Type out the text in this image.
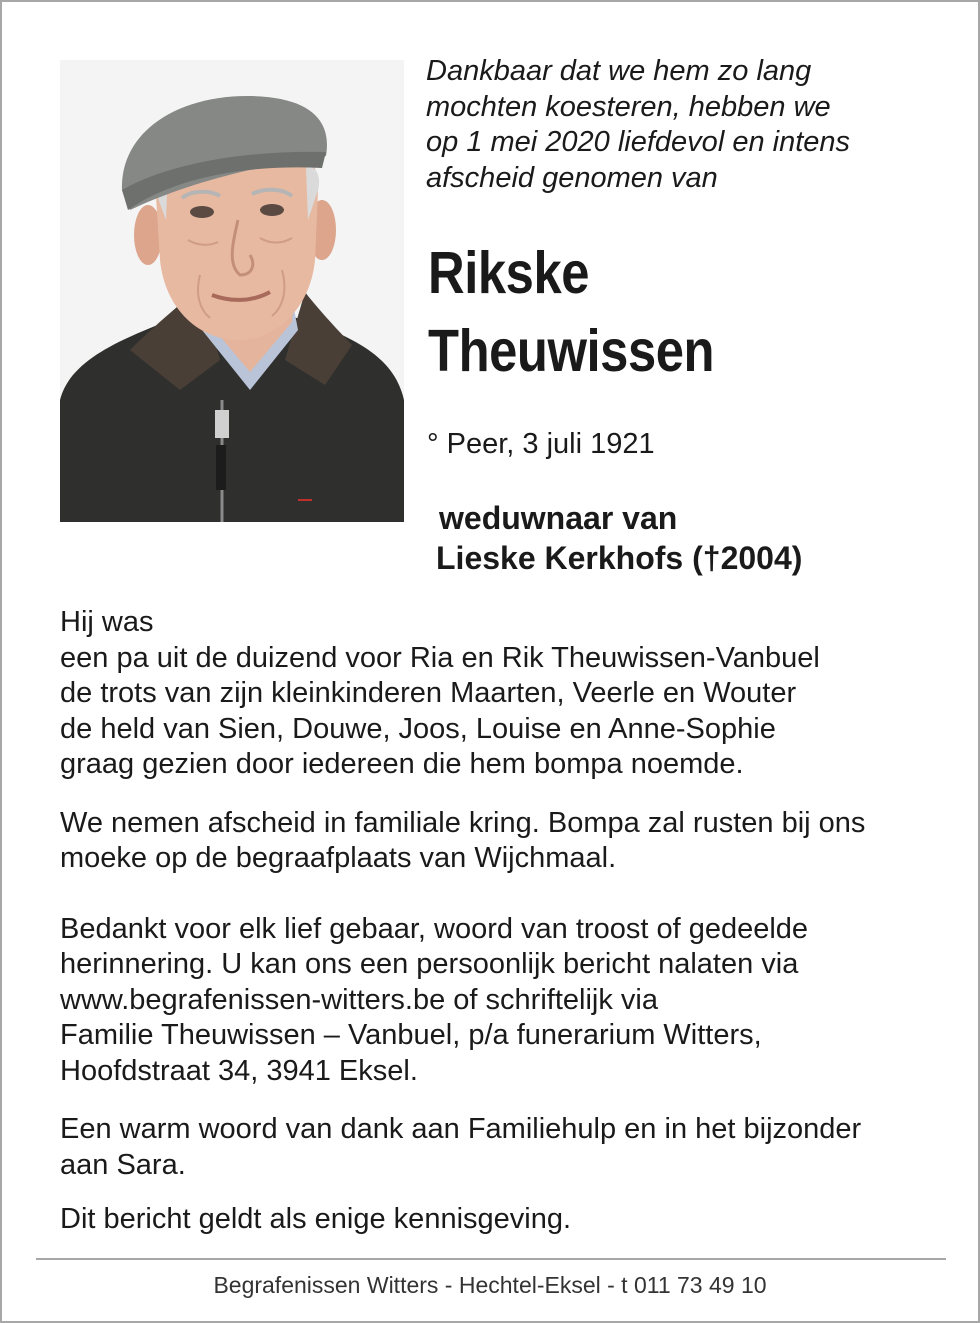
Dankbaar dat we hem zo lang
mochten koesteren, hebben we
op 1 mei 2020 liefdevol en intens
afscheid genomen van

Rikske
Theuwissen
° Peer, 3 juli 1921

weduwnaar van
Lieske Kerkhofs (†2004)

Hij was
een pa uit de duizend voor Ria en Rik Theuwissen-Vanbuel
de trots van zijn kleinkinderen Maarten, Veerle en Wouter
de held van Sien, Douwe, Joos, Louise en Anne-Sophie
graag gezien door iedereen die hem bompa noemde.

We nemen afscheid in familiale kring. Bompa zal rusten bij ons
moeke op de begraafplaats van Wijchmaal.

Bedankt voor elk lief gebaar, woord van troost of gedeelde
herinnering. U kan ons een persoonlijk bericht nalaten via
www.begrafenissen-witters.be of schriftelijk via
Familie Theuwissen – Vanbuel, p/a funerarium Witters,
Hoofdstraat 34, 3941 Eksel.

Een warm woord van dank aan Familiehulp en in het bijzonder
aan Sara.

Dit bericht geldt als enige kennisgeving.

Begrafenissen Witters - Hechtel-Eksel - t 011 73 49 10
